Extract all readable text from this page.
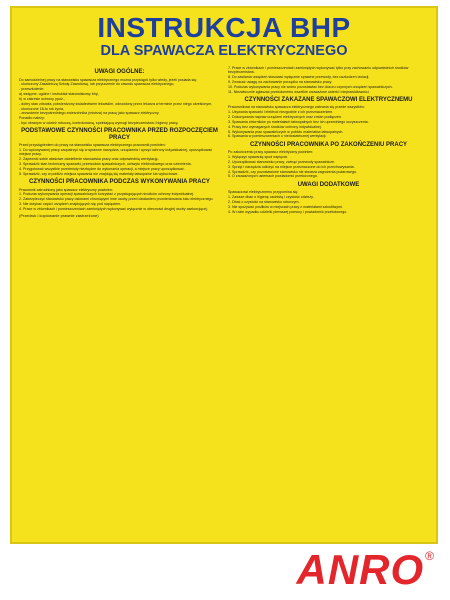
INSTRUKCJA BHP
DLA SPAWACZA ELEKTRYCZNEGO
UWAGI OGÓLNE:
Do samodzielnej pracy na stanowisku spawacza elektrycznego można przystąpić tylko wtedy, jeżeli posiada się:
- ukończony Zasadniczą Szkołę Zawodową, lub przyuczenie do zawodu spawacza elektrycznego,
- przeszkolenie:
a) wstępne, ogólne i instruktaż stanowiskowy bhp,
b) w zakresie ochrony ppoż.,
- dobry stan zdrowia, potwierdzony świadectwem lekarskim, odnowiony przez lekarza w terminie przez niego określonym,
- ukończone 18-to rok życia,
- zezwolenie bezpośredniego zwierzchnika (mistrza) na pracę jako spawacz elektryczny.
Ponadto należy:
- być ubranym w odzież roboczą, kontrolowaną, spełniającą wymogi bezpieczeństwa i higieny pracy,
PODSTAWOWE CZYNNOŚCI PRACOWNIKA PRZED ROZPOCZĘCIEM PRACY
Przed przystąpieniem do pracy na stanowisku spawacza elektrycznego pracownik powinien:
1. Do wykonywanej pracy zaopatrzyć się w sprawne narzędzia, urządzenia i sprzęt ochrony indywidualnej, uporządkować miejsce pracy.
2. Zapewnić sobie właściwe oświetlenie stanowiska pracy oraz odpowiednią wentylację.
3. Sprawdzić stan techniczny spawarki, przewodów spawalniczych, uchwytu elektrodowego oraz uziemienia.
4. Przygotować wszystkie przedmioty niezbędne do wykonania operacji, a miejsce pracy uporządkować.
5. Sprawdzić, czy w pobliżu miejsca spawania nie znajdują się materiały łatwopalne lub wybuchowe.
CZYNNOŚCI PRACOWNIKA PODCZAS WYKONYWANIA PRACY
Pracownik zatrudniony jako spawacz elektryczny powinien:
1. Podczas wykonywania operacji spawalniczych korzystać z przysługujących środków ochrony indywidualnej.
2. Zabezpieczyć stanowisko pracy osłonami chroniącymi inne osoby przed działaniem promieniowania łuku elektrycznego.
3. Nie dotykać części urządzeń znajdujących się pod napięciem.
4. Prace w zbiornikach i pomieszczeniach zamkniętych wykonywać wyłącznie w obecności drugiej osoby asekurującej.
(Przedruk i kopiowanie prawnie zastrzeżone)
7. Prace w zbiornikach i pomieszczeniach zamkniętych wykonywać tylko przy zachowaniu odpowiednich środków bezpieczeństwa.
8. Do zasilania urządzeń stosować wyłącznie sprawne przewody, bez uszkodzeń izolacji.
9. Zwracać uwagę na zachowanie porządku na stanowisku pracy.
10. Podczas wykonywania pracy nie wolno pozostawiać bez dozoru czynnych urządzeń spawalniczych.
11. Niezwłocznie zgłaszać przełożonemu wszelkie zauważone usterki i nieprawidłowości.
CZYNNOŚCI ZAKAZANE SPAWACZOWI ELEKTRYCZNEMU
Pracownikowi na stanowisku spawacza elektrycznego zabrania się przede wszystkim:
1. Używania spawarki i elektrod niezgodnie z ich przeznaczeniem.
2. Dokonywania napraw urządzeń elektrycznych oraz zmian podłączeń.
3. Spawania zbiorników po materiałach łatwopalnych bez ich uprzedniego oczyszczenia.
4. Pracy bez wymaganych środków ochrony indywidualnej.
5. Wykonywania prac spawalniczych w pobliżu materiałów łatwopalnych.
6. Spawania w pomieszczeniach o niedostatecznej wentylacji.
CZYNNOŚCI PRACOWNIKA PO ZAKOŃCZENIU PRACY
Po zakończeniu pracy spawacz elektryczny powinien:
1. Wyłączyć spawarkę spod napięcia.
2. Uporządkować stanowisko pracy, zwinąć przewody spawalnicze.
3. Sprzęt i narzędzia odłożyć na miejsce przeznaczone do ich przechowywania.
4. Sprawdzić, czy pozostawione stanowisko nie stwarza zagrożenia pożarowego.
5. O zauważonych usterkach powiadomić przełożonego.
UWAGI DODATKOWE
Spawaczowi elektrycznemu przypomina się:
1. Zawsze dbać o higienę osobistą i czystość odzieży.
2. Dbać o czystość na stanowisku roboczym.
3. Nie spożywać posiłków w miejscach pracy z materiałami szkodliwymi.
4. W razie wypadku udzielić pierwszej pomocy i powiadomić przełożonego.
ANRO ®
